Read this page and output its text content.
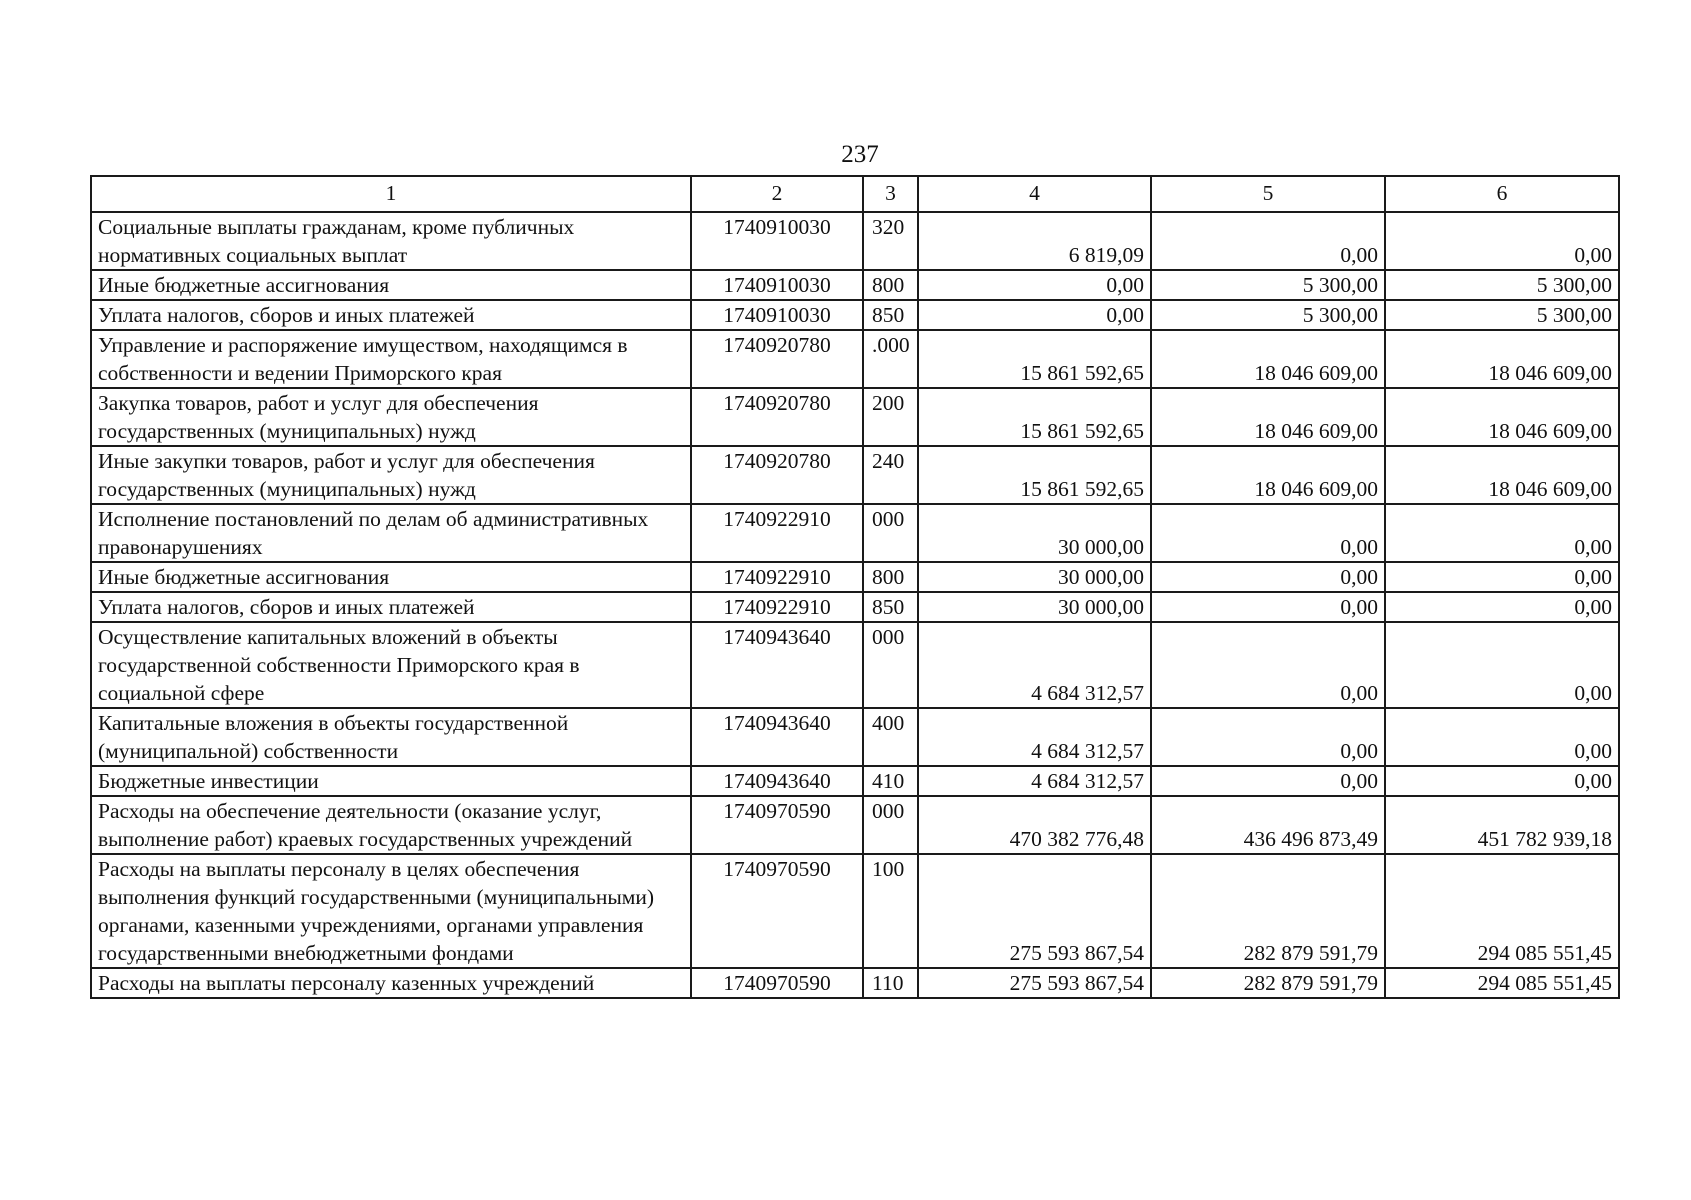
237
1	2	3	4	5	6
Социальные выплаты гражданам, кроме публичных нормативных социальных выплат	1740910030	320	6 819,09	0,00	0,00
Иные бюджетные ассигнования	1740910030	800	0,00	5 300,00	5 300,00
Уплата налогов, сборов и иных платежей	1740910030	850	0,00	5 300,00	5 300,00
Управление и распоряжение имуществом, находящимся в собственности и ведении Приморского края	1740920780	.000	15 861 592,65	18 046 609,00	18 046 609,00
Закупка товаров, работ и услуг для обеспечения государственных (муниципальных) нужд	1740920780	200	15 861 592,65	18 046 609,00	18 046 609,00
Иные закупки товаров, работ и услуг для обеспечения государственных (муниципальных) нужд	1740920780	240	15 861 592,65	18 046 609,00	18 046 609,00
Исполнение постановлений по делам об административных правонарушениях	1740922910	000	30 000,00	0,00	0,00
Иные бюджетные ассигнования	1740922910	800	30 000,00	0,00	0,00
Уплата налогов, сборов и иных платежей	1740922910	850	30 000,00	0,00	0,00
Осуществление капитальных вложений в объекты государственной собственности Приморского края в социальной сфере	1740943640	000	4 684 312,57	0,00	0,00
Капитальные вложения в объекты государственной (муниципальной) собственности	1740943640	400	4 684 312,57	0,00	0,00
Бюджетные инвестиции	1740943640	410	4 684 312,57	0,00	0,00
Расходы на обеспечение деятельности (оказание услуг, выполнение работ) краевых государственных учреждений	1740970590	000	470 382 776,48	436 496 873,49	451 782 939,18
Расходы на выплаты персоналу в целях обеспечения выполнения функций государственными (муниципальными) органами, казенными учреждениями, органами управления государственными внебюджетными фондами	1740970590	100	275 593 867,54	282 879 591,79	294 085 551,45
Расходы на выплаты персоналу казенных учреждений	1740970590	110	275 593 867,54	282 879 591,79	294 085 551,45
